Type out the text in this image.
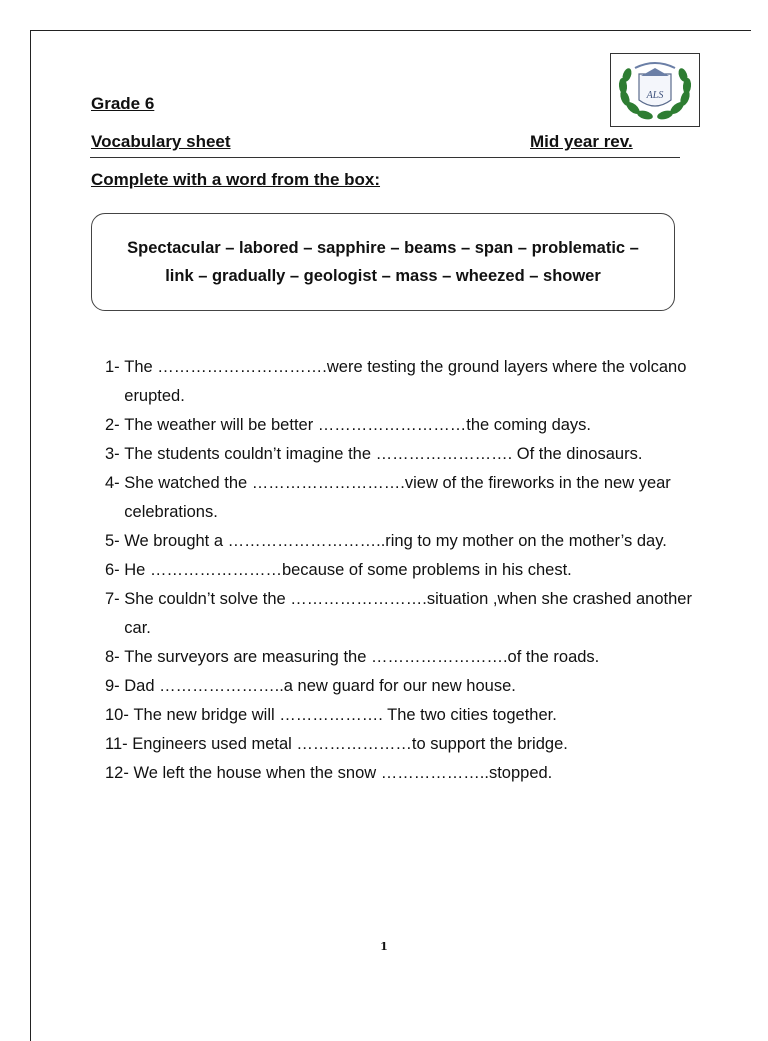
Grade 6
Vocabulary sheet	Mid year rev.
Complete with a word from the box:
ALS
Spectacular – labored – sapphire – beams – span – problematic –
link – gradually – geologist – mass – wheezed – shower
1- The ………………………….were testing the ground layers where the volcano erupted.
2- The weather will be better ………………………the coming days.
3- The students couldn’t imagine the ……………………. Of the dinosaurs.
4- She watched the ……………………….view of the fireworks in the new year celebrations.
5- We brought a ………………………..ring to my mother on the mother’s day.
6- He ……………………because of some problems in his chest.
7- She couldn’t solve the …………………….situation ,when she crashed another car.
8- The surveyors are measuring the …………………….of the roads.
9- Dad …………………..a new guard for our new house.
10- The new bridge will ………………. The two cities together.
11- Engineers used metal …………………to support the bridge.
12- We left the house when the snow ………………..stopped.
1
